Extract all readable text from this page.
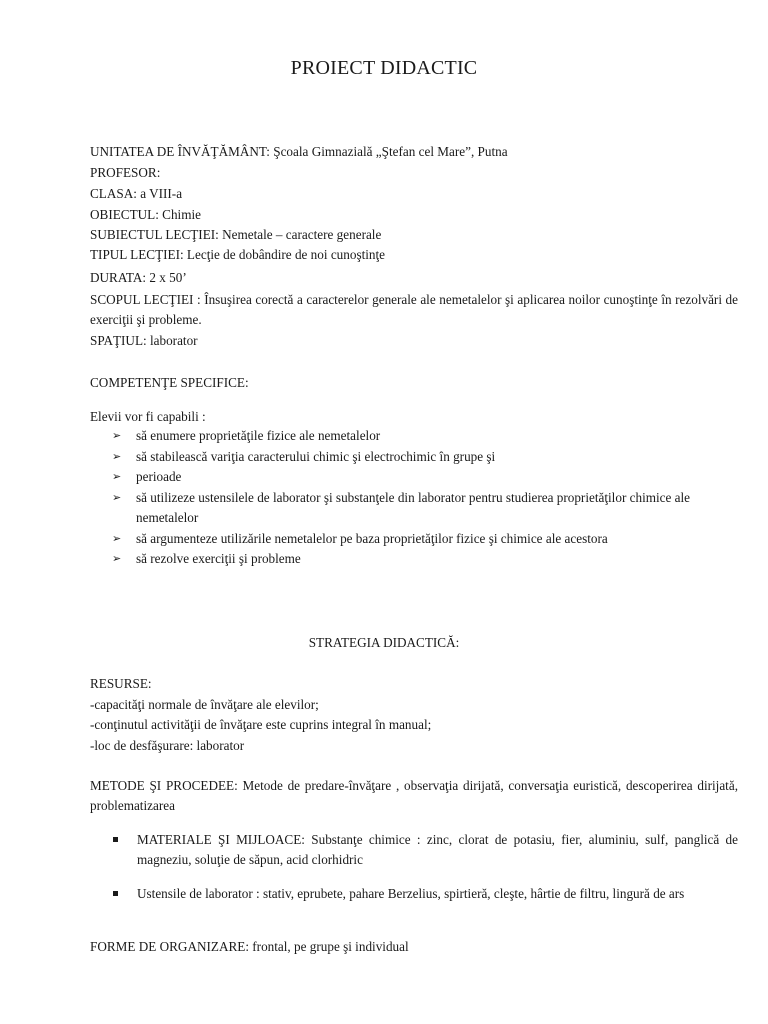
PROIECT DIDACTIC
UNITATEA DE ÎNVĂŢĂMÂNT: Şcoala Gimnazială „Ştefan cel Mare”, Putna
PROFESOR:
CLASA: a VIII-a
OBIECTUL: Chimie
SUBIECTUL LECŢIEI: Nemetale – caractere generale
TIPUL LECŢIEI: Lecţie de dobândire de noi cunoştinţe
DURATA: 2 x 50’
SCOPUL LECŢIEI : Însuşirea corectă a caracterelor generale ale nemetalelor şi aplicarea noilor cunoştinţe în rezolvări de exerciţii şi probleme.
SPAŢIUL: laborator
COMPETENŢE SPECIFICE:
Elevii vor fi capabili :
➢ să enumere proprietăţile fizice ale nemetalelor
➢ să stabilească variţia caracterului chimic şi electrochimic în grupe şi
➢ perioade
➢ să utilizeze ustensilele de laborator şi substanţele din laborator pentru studierea proprietăţilor chimice ale nemetalelor
➢ să argumenteze utilizările nemetalelor pe baza proprietăţilor fizice şi chimice ale acestora
➢ să rezolve exerciţii şi probleme
STRATEGIA DIDACTICĂ:
RESURSE:
-capacităţi normale de învăţare ale elevilor;
-conţinutul activităţii de învăţare este cuprins integral în manual;
-loc de desfăşurare: laborator
METODE ŞI PROCEDEE: Metode de predare-învăţare , observaţia dirijată, conversaţia euristică, descoperirea dirijată, problematizarea
MATERIALE ŞI MIJLOACE: Substanţe chimice : zinc, clorat de potasiu, fier, aluminiu, sulf, panglică de magneziu, soluţie de săpun, acid clorhidric
Ustensile de laborator : stativ, eprubete, pahare Berzelius, spirtieră, cleşte, hârtie de filtru, lingură de ars
FORME DE ORGANIZARE: frontal, pe grupe şi individual
